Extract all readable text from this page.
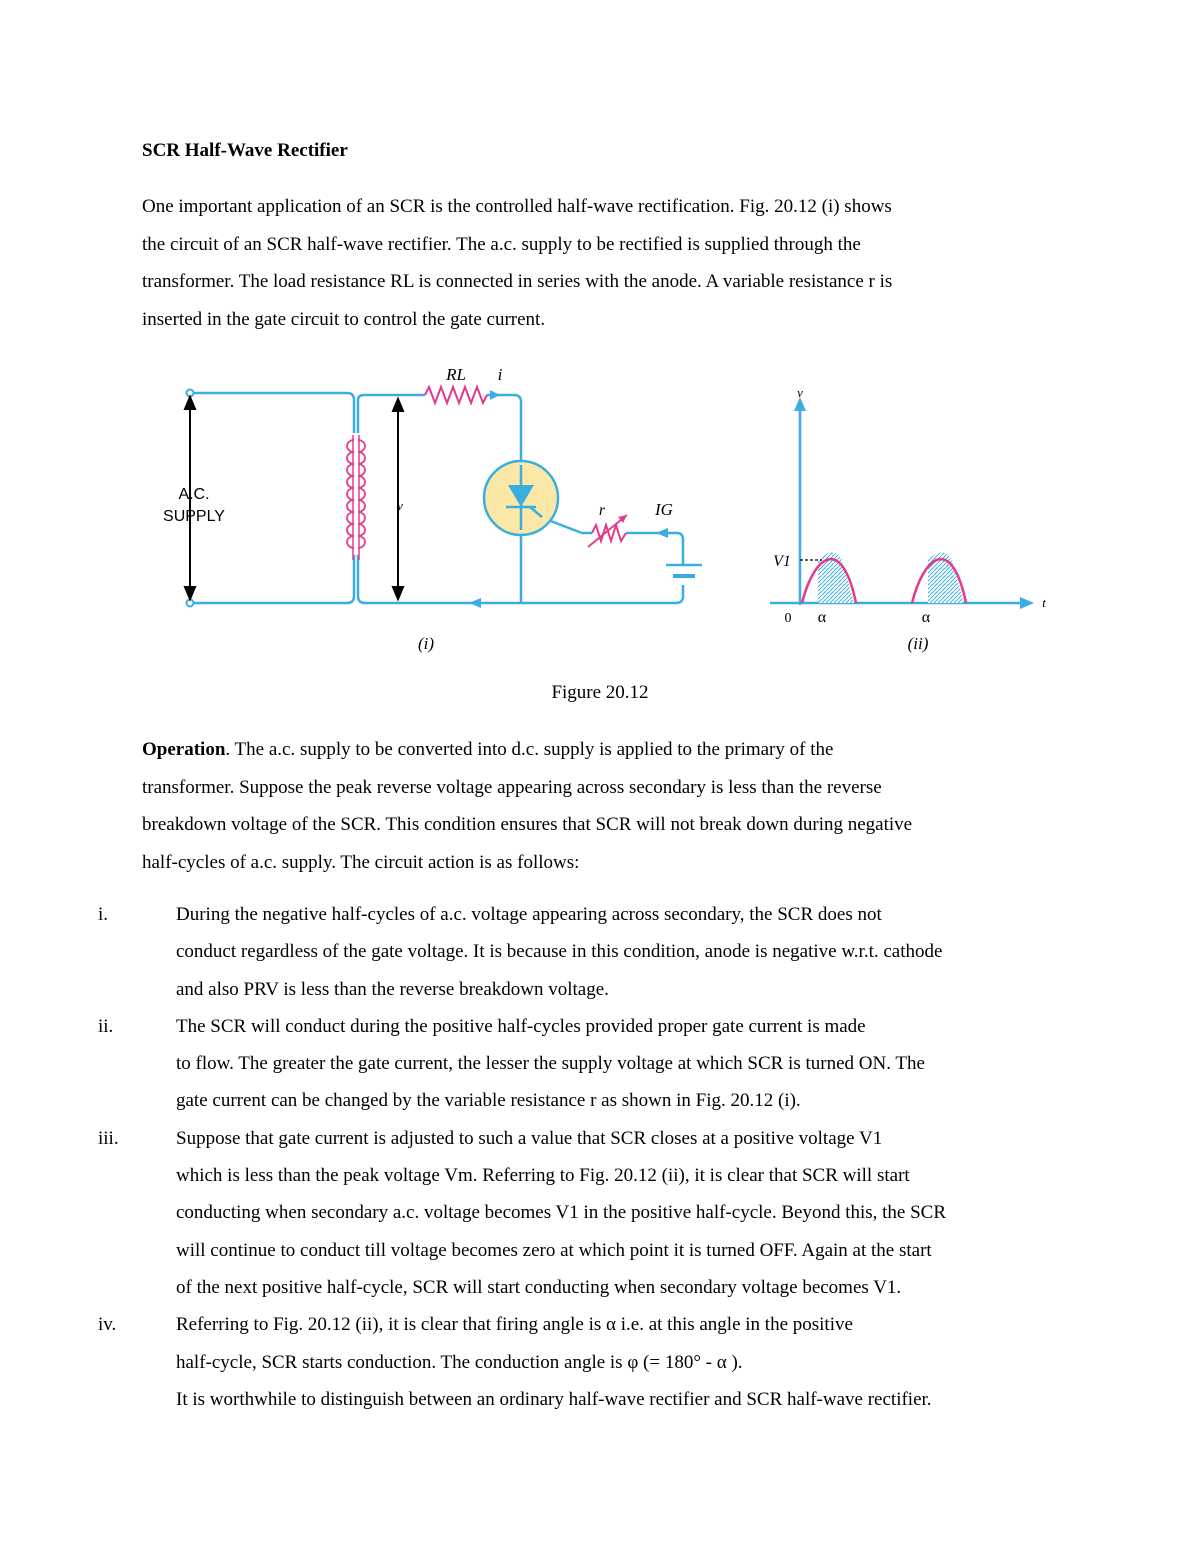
SCR Half-Wave Rectifier

One important application of an SCR is the controlled half-wave rectification. Fig. 20.12 (i) shows
the circuit of an SCR half-wave rectifier. The a.c. supply to be rectified is supplied through the
transformer. The load resistance RL is connected in series with the anode. A variable resistance r is
inserted in the gate circuit to control the gate current.

A.C.
SUPPLY
RL i
v	r	IG
(i)
v
t
V1
0 α	α
(ii)

Figure 20.12

Operation. The a.c. supply to be converted into d.c. supply is applied to the primary of the
transformer. Suppose the peak reverse voltage appearing across secondary is less than the reverse
breakdown voltage of the SCR. This condition ensures that SCR will not break down during negative
half-cycles of a.c. supply. The circuit action is as follows:

i.	During the negative half-cycles of a.c. voltage appearing across secondary, the SCR does not
conduct regardless of the gate voltage. It is because in this condition, anode is negative w.r.t. cathode
and also PRV is less than the reverse breakdown voltage.
ii.	The SCR will conduct during the positive half-cycles provided proper gate current is made
to flow. The greater the gate current, the lesser the supply voltage at which SCR is turned ON. The
gate current can be changed by the variable resistance r as shown in Fig. 20.12 (i).
iii.	Suppose that gate current is adjusted to such a value that SCR closes at a positive voltage V1
which is less than the peak voltage Vm. Referring to Fig. 20.12 (ii), it is clear that SCR will start
conducting when secondary a.c. voltage becomes V1 in the positive half-cycle. Beyond this, the SCR
will continue to conduct till voltage becomes zero at which point it is turned OFF. Again at the start
of the next positive half-cycle, SCR will start conducting when secondary voltage becomes V1.
iv.	Referring to Fig. 20.12 (ii), it is clear that firing angle is α i.e. at this angle in the positive
half-cycle, SCR starts conduction. The conduction angle is φ (= 180° - α ).
It is worthwhile to distinguish between an ordinary half-wave rectifier and SCR half-wave rectifier.
